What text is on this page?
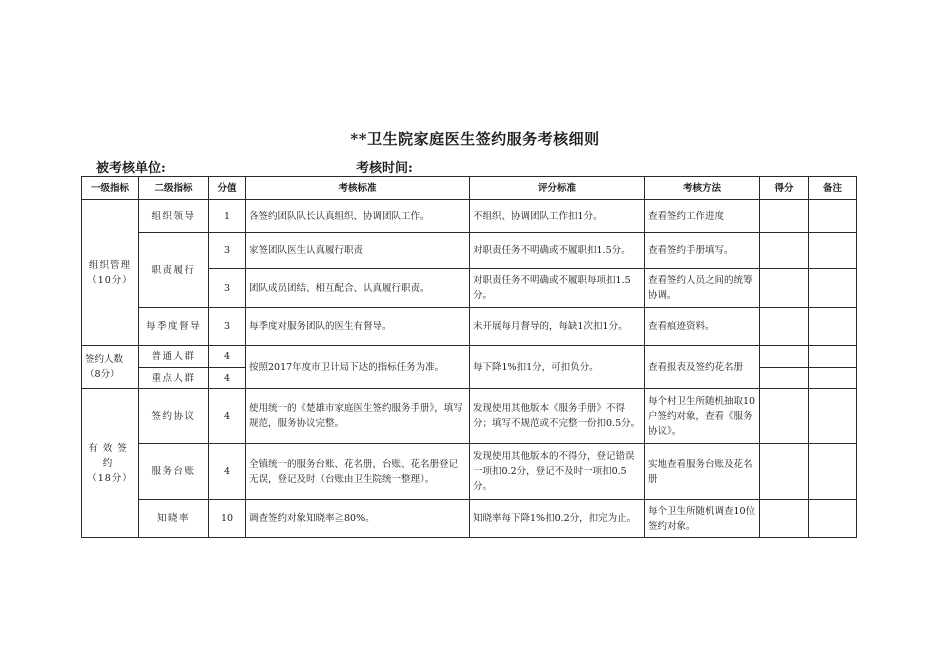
**卫生院家庭医生签约服务考核细则
被考核单位:	考核时间:
一级指标	二级指标	分值	考核标准	评分标准	考核方法	得分	备注

组织管理
（10分）	组织领导	1	各签约团队队长认真组织、协调团队工作。	不组织、协调团队工作扣1分。	查看签约工作进度		
	职责履行	3	家签团队医生认真履行职责	对职责任务不明确或不履职扣1.5分。	查看签约手册填写。		
		3	团队成员团结、相互配合、认真履行职责。	对职责任务不明确或不履职每项扣1.5分。	查看签约人员之间的统筹协调。		
	每季度督导	3	每季度对服务团队的医生有督导。	未开展每月督导的，每缺1次扣1分。	查看痕迹资料。		
签约人数（8分）	普通人群	4	按照2017年度市卫计局下达的指标任务为准。	每下降1%扣1分，可扣负分。	查看报表及签约花名册		
	重点人群	4					

有效签约
（18分）	签约协议	4	使用统一的《楚雄市家庭医生签约服务手册》，填写规范，服务协议完整。	发现使用其他版本《服务手册》不得分；填写不规范或不完整一份扣0.5分。	每个村卫生所随机抽取10户签约对象，查看《服务协议》。		
	服务台账	4	全镇统一的服务台账、花名册，台账、花名册登记无误，登记及时（台账由卫生院统一整理）。	发现使用其他版本的不得分，登记错误一项扣0.2分，登记不及时一项扣0.5分。	实地查看服务台账及花名册		
	知晓率	10	调查签约对象知晓率≧80%。	知晓率每下降1%扣0.2分，扣完为止。	每个卫生所随机调查10位签约对象。		
